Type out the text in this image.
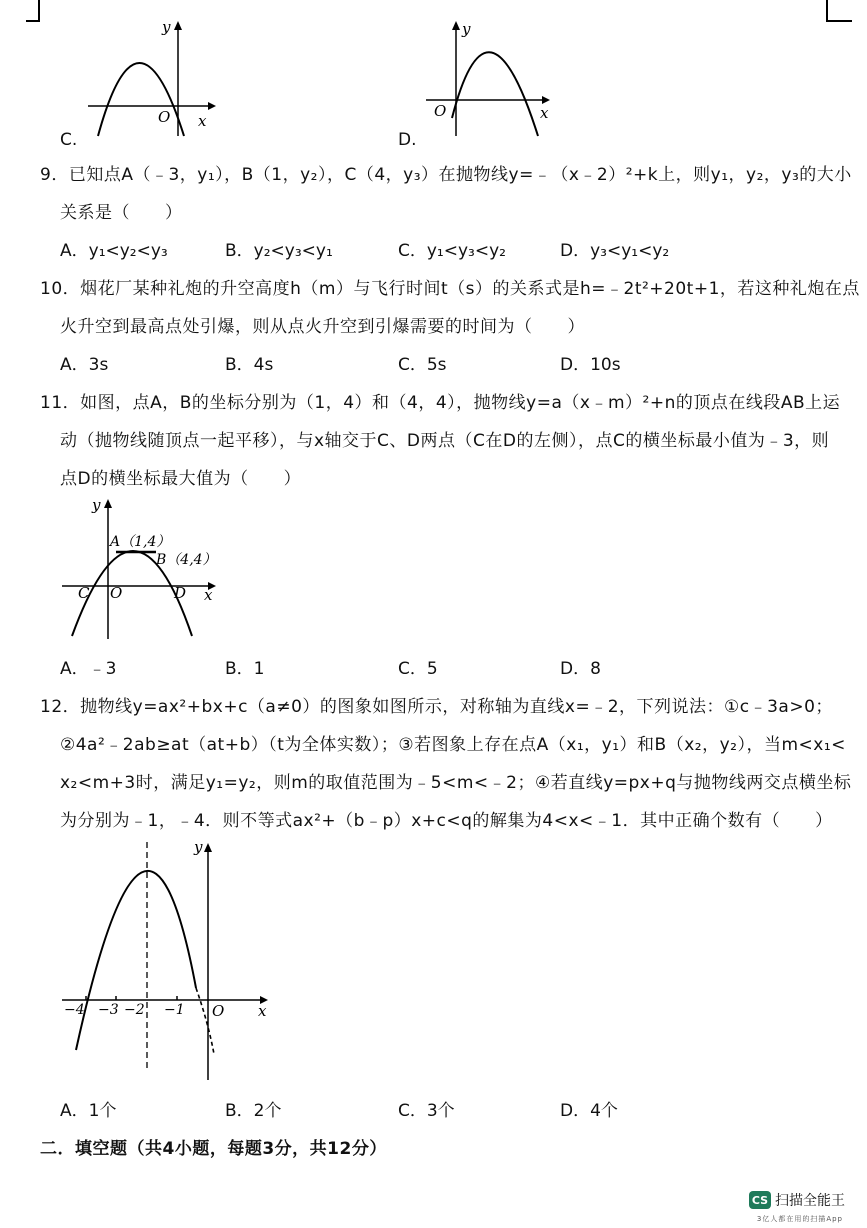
y
x
O
C.
y
x
O
D.
9．已知点A（﹣3，y₁），B（1，y₂），C（4，y₃）在抛物线y=﹣（x﹣2）²+k上，则y₁，y₂，y₃的大小
关系是（　　）
A．y₁<y₂<y₃	B．y₂<y₃<y₁	C．y₁<y₃<y₂	D．y₃<y₁<y₂
10．烟花厂某种礼炮的升空高度h（m）与飞行时间t（s）的关系式是h=﹣2t²+20t+1，若这种礼炮在点
火升空到最高点处引爆，则从点火升空到引爆需要的时间为（　　）
A．3s	B．4s	C．5s	D．10s
11．如图，点A，B的坐标分别为（1，4）和（4，4），抛物线y=a（x﹣m）²+n的顶点在线段AB上运
动（抛物线随顶点一起平移），与x轴交于C、D两点（C在D的左侧），点C的横坐标最小值为﹣3，则
点D的横坐标最大值为（　　）
y
x
O
C	D
A（1,4）
B（4,4）
A．﹣3	B．1	C．5	D．8
12．抛物线y=ax²+bx+c（a≠0）的图象如图所示，对称轴为直线x=﹣2，下列说法：①c﹣3a>0；
②4a²﹣2ab≥at（at+b）（t为全体实数）；③若图象上存在点A（x₁，y₁）和B（x₂，y₂），当m<x₁<
x₂<m+3时，满足y₁=y₂，则m的取值范围为﹣5<m<﹣2；④若直线y=px+q与抛物线两交点横坐标
为分别为﹣1，﹣4．则不等式ax²+（b﹣p）x+c<q的解集为4<x<﹣1．其中正确个数有（　　）
y
x
O
−4 −3 −2 −1
A．1个	B．2个	C．3个	D．4个
二．填空题（共4小题，每题3分，共12分）
CS 扫描全能王
3亿人都在用的扫描App
